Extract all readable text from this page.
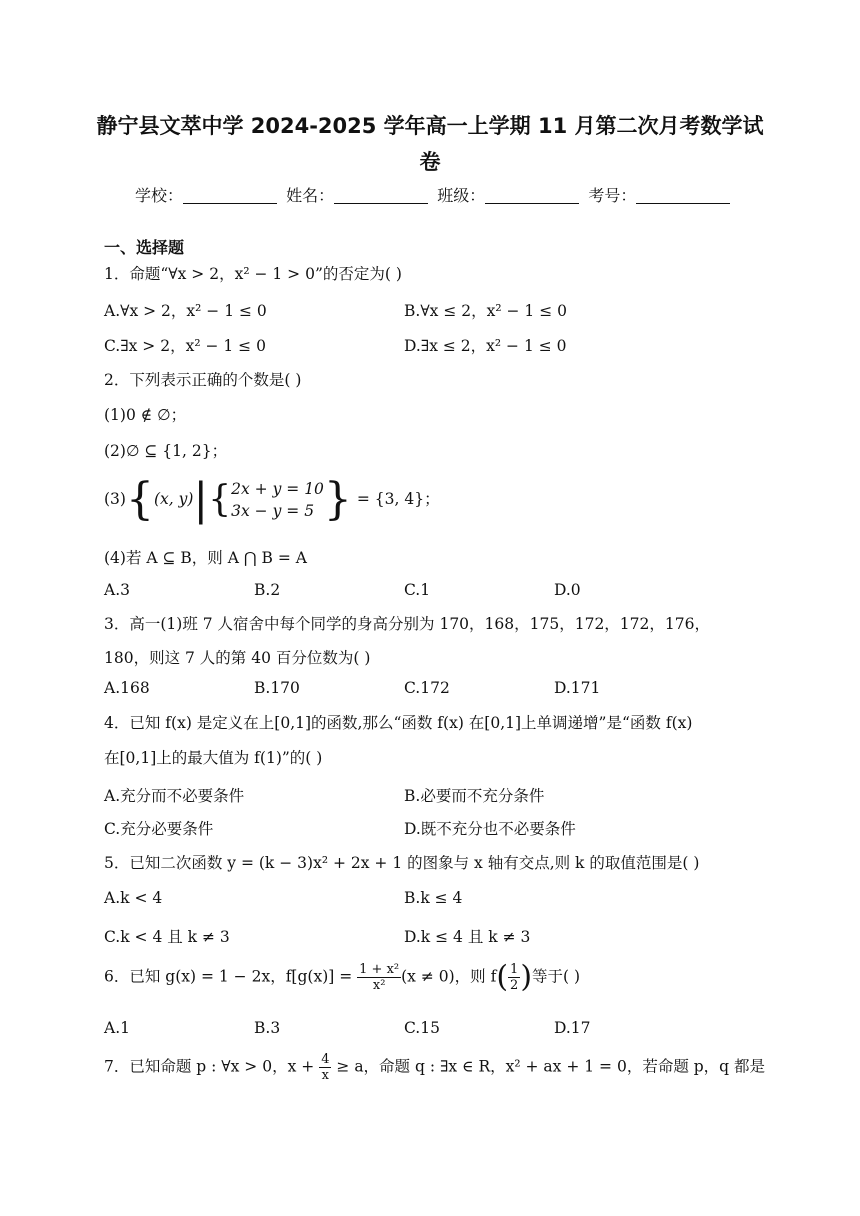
静宁县文萃中学 2024-2025 学年高一上学期 11 月第二次月考数学试
卷
学校：	姓名：	班级：	考号：
一、选择题
1．命题“∀x > 2，x² − 1 > 0”的否定为( )
A.∀x > 2，x² − 1 ≤ 0	B.∀x ≤ 2，x² − 1 ≤ 0
C.∃x > 2，x² − 1 ≤ 0	D.∃x ≤ 2，x² − 1 ≤ 0
2．下列表示正确的个数是( )
(1)0 ∉ ∅；
(2)∅ ⊆ {1, 2}；
(3){(x, y)|{ 2x + y = 10
3x − y = 5 } = {3, 4}；
(4)若 A ⊆ B，则 A ⋂ B = A
A.3	B.2	C.1	D.0
3．高一(1)班 7 人宿舍中每个同学的身高分别为 170，168，175，172，172，176，
180，则这 7 人的第 40 百分位数为( )
A.168	B.170	C.172	D.171
4．已知 f(x) 是定义在上[0,1]的函数,那么“函数 f(x) 在[0,1]上单调递增”是“函数 f(x)
在[0,1]上的最大值为 f(1)”的( )
A.充分而不必要条件	B.必要而不充分条件
C.充分必要条件	D.既不充分也不必要条件
5．已知二次函数 y = (k − 3)x² + 2x + 1 的图象与 x 轴有交点,则 k 的取值范围是( )
A.k < 4	B.k ≤ 4
C.k < 4 且 k ≠ 3	D.k ≤ 4 且 k ≠ 3
6．已知 g(x) = 1 − 2x，$f[g(x)] = \frac{\text{1 + x²}}{\text{x²}} (x \ne 0)$，则 $f( \frac{1}{2}$ )等于( )
A.1	B.3	C.15	D.17
7．已知命题 p : ∀x > 0，$x + \frac{4}{x} \ge a$，命题 q : ∃x ∈ R，x² + ax + 1 = 0，若命题 p，q 都是
